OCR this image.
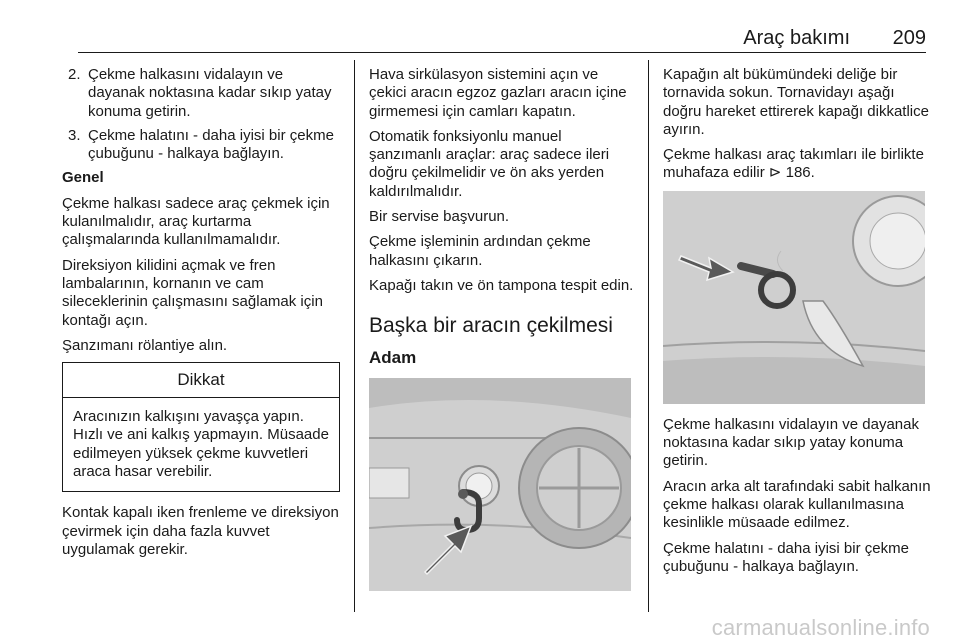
Araç bakımı 209
2. Çekme halkasını vidalayın ve dayanak noktasına kadar sıkıp yatay konuma getirin.
3. Çekme halatını - daha iyisi bir çekme çubuğunu - halkaya bağlayın.

Genel

Çekme halkası sadece araç çekmek için kulanılmalıdır, araç kurtarma çalışmalarında kullanılmamalıdır.

Direksiyon kilidini açmak ve fren lambalarının, kornanın ve cam sileceklerinin çalışmasını sağlamak için kontağı açın.

Şanzımanı rölantiye alın.

Dikkat
Aracınızın kalkışını yavaşça yapın. Hızlı ve ani kalkış yapmayın. Müsaade edilmeyen yüksek çekme kuvvetleri araca hasar verebilir.

Kontak kapalı iken frenleme ve direksiyon çevirmek için daha fazla kuvvet uygulamak gerekir.

Hava sirkülasyon sistemini açın ve çekici aracın egzoz gazları aracın içine girmemesi için camları kapatın.

Otomatik fonksiyonlu manuel şanzımanlı araçlar: araç sadece ileri doğru çekilmelidir ve ön aks yerden kaldırılmalıdır.

Bir servise başvurun.

Çekme işleminin ardından çekme halkasını çıkarın.

Kapağı takın ve ön tampona tespit edin.

Başka bir aracın çekilmesi
Adam

Kapağın alt bükümündeki deliğe bir tornavida sokun. Tornavidayı aşağı doğru hareket ettirerek kapağı dikkatlice ayırın.

Çekme halkası araç takımları ile birlikte muhafaza edilir ⊳ 186.

Çekme halkasını vidalayın ve dayanak noktasına kadar sıkıp yatay konuma getirin.

Aracın arka alt tarafındaki sabit halkanın çekme halkası olarak kullanılmasına kesinlikle müsaade edilmez.

Çekme halatını - daha iyisi bir çekme çubuğunu - halkaya bağlayın.

carmanualsonline.info
